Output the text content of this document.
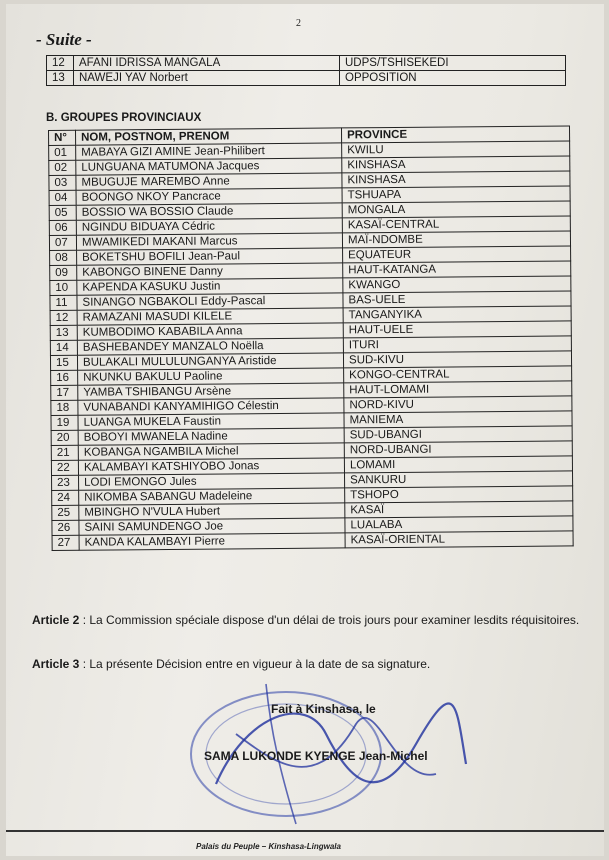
2
- Suite -
12	AFANI IDRISSA MANGALA	UDPS/TSHISEKEDI
13	NAWEJI YAV Norbert	OPPOSITION
B. GROUPES PROVINCIAUX
N°	NOM, POSTNOM, PRENOM	PROVINCE
01	MABAYA GIZI AMINE Jean-Philibert	KWILU
02	LUNGUANA MATUMONA Jacques	KINSHASA
03	MBUGUJE MAREMBO Anne	KINSHASA
04	BOONGO NKOY Pancrace	TSHUAPA
05	BOSSIO WA BOSSIO Claude	MONGALA
06	NGINDU BIDUAYA Cédric	KASAÏ-CENTRAL
07	MWAMIKEDI MAKANI Marcus	MAÏ-NDOMBE
08	BOKETSHU BOFILI Jean-Paul	EQUATEUR
09	KABONGO BINENE Danny	HAUT-KATANGA
10	KAPENDA KASUKU Justin	KWANGO
11	SINANGO NGBAKOLI Eddy-Pascal	BAS-UELE
12	RAMAZANI MASUDI KILELE	TANGANYIKA
13	KUMBODIMO KABABILA Anna	HAUT-UELE
14	BASHEBANDEY MANZALO Noëlla	ITURI
15	BULAKALI MULULUNGANYA Aristide	SUD-KIVU
16	NKUNKU BAKULU Paoline	KONGO-CENTRAL
17	YAMBA TSHIBANGU Arsène	HAUT-LOMAMI
18	VUNABANDI KANYAMIHIGO Célestin	NORD-KIVU
19	LUANGA MUKELA Faustin	MANIEMA
20	BOBOYI MWANELA Nadine	SUD-UBANGI
21	KOBANGA NGAMBILA Michel	NORD-UBANGI
22	KALAMBAYI KATSHIYOBO Jonas	LOMAMI
23	LODI EMONGO Jules	SANKURU
24	NIKOMBA SABANGU Madeleine	TSHOPO
25	MBINGHO N'VULA Hubert	KASAÏ
26	SAINI SAMUNDENGO Joe	LUALABA
27	KANDA KALAMBAYI Pierre	KASAÏ-ORIENTAL
Article 2 : La Commission spéciale dispose d'un délai de trois jours pour examiner lesdits réquisitoires.
Article 3 : La présente Décision entre en vigueur à la date de sa signature.
Fait à Kinshasa, le
SAMA LUKONDE KYENGE Jean-Michel
Palais du Peuple – Kinshasa-Lingwala
